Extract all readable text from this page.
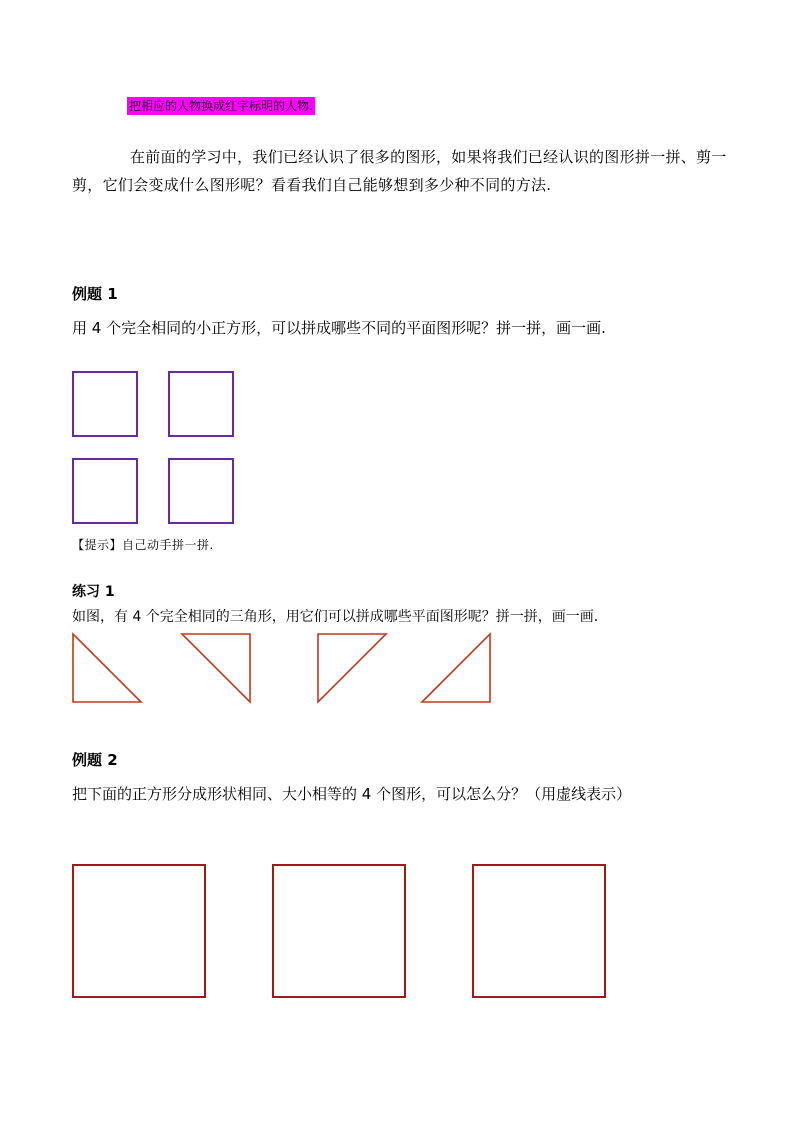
把相应的人物换成红字标明的人物.
在前面的学习中，我们已经认识了很多的图形，如果将我们已经认识的图形拼一拼、剪一剪，它们会变成什么图形呢？看看我们自己能够想到多少种不同的方法.
例题 1
用 4 个完全相同的小正方形，可以拼成哪些不同的平面图形呢？拼一拼，画一画.
【提示】自己动手拼一拼.
练习 1
如图，有 4 个完全相同的三角形，用它们可以拼成哪些平面图形呢？拼一拼，画一画.
例题 2
把下面的正方形分成形状相同、大小相等的 4 个图形，可以怎么分？（用虚线表示）
